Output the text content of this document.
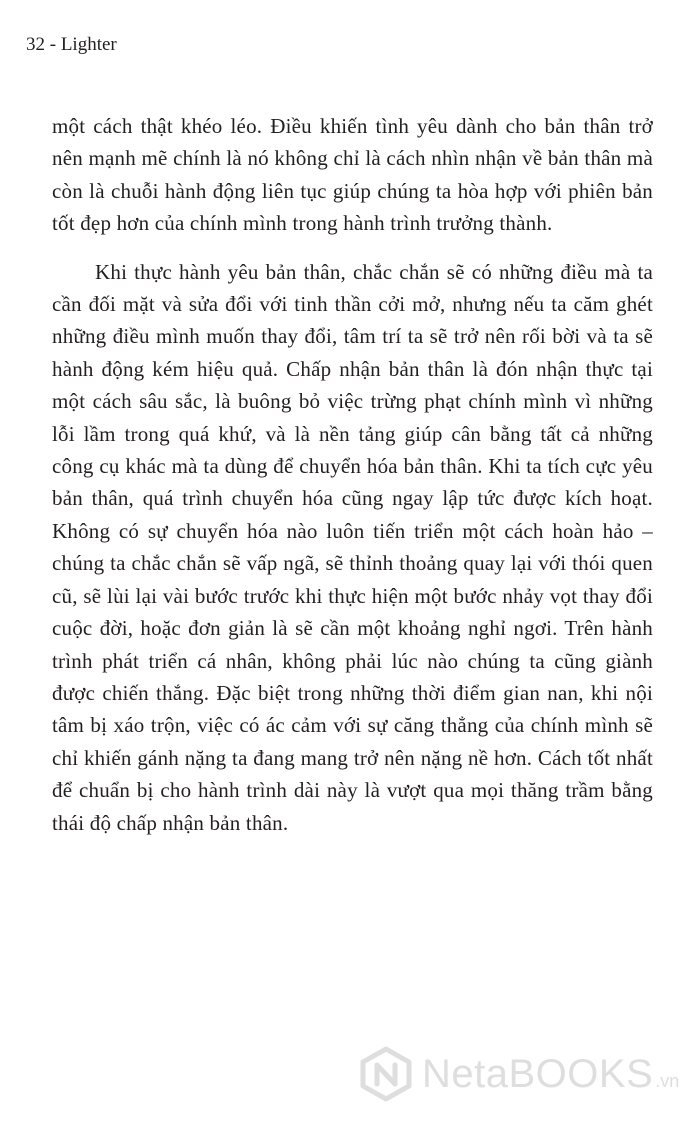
32 - Lighter

một cách thật khéo léo. Điều khiến tình yêu dành cho bản thân trở nên mạnh mẽ chính là nó không chỉ là cách nhìn nhận về bản thân mà còn là chuỗi hành động liên tục giúp chúng ta hòa hợp với phiên bản tốt đẹp hơn của chính mình trong hành trình trưởng thành.

Khi thực hành yêu bản thân, chắc chắn sẽ có những điều mà ta cần đối mặt và sửa đổi với tinh thần cởi mở, nhưng nếu ta căm ghét những điều mình muốn thay đổi, tâm trí ta sẽ trở nên rối bời và ta sẽ hành động kém hiệu quả. Chấp nhận bản thân là đón nhận thực tại một cách sâu sắc, là buông bỏ việc trừng phạt chính mình vì những lỗi lầm trong quá khứ, và là nền tảng giúp cân bằng tất cả những công cụ khác mà ta dùng để chuyển hóa bản thân. Khi ta tích cực yêu bản thân, quá trình chuyển hóa cũng ngay lập tức được kích hoạt. Không có sự chuyển hóa nào luôn tiến triển một cách hoàn hảo – chúng ta chắc chắn sẽ vấp ngã, sẽ thỉnh thoảng quay lại với thói quen cũ, sẽ lùi lại vài bước trước khi thực hiện một bước nhảy vọt thay đổi cuộc đời, hoặc đơn giản là sẽ cần một khoảng nghỉ ngơi. Trên hành trình phát triển cá nhân, không phải lúc nào chúng ta cũng giành được chiến thắng. Đặc biệt trong những thời điểm gian nan, khi nội tâm bị xáo trộn, việc có ác cảm với sự căng thẳng của chính mình sẽ chỉ khiến gánh nặng ta đang mang trở nên nặng nề hơn. Cách tốt nhất để chuẩn bị cho hành trình dài này là vượt qua mọi thăng trầm bằng thái độ chấp nhận bản thân.

NetaBOOKS .vn
